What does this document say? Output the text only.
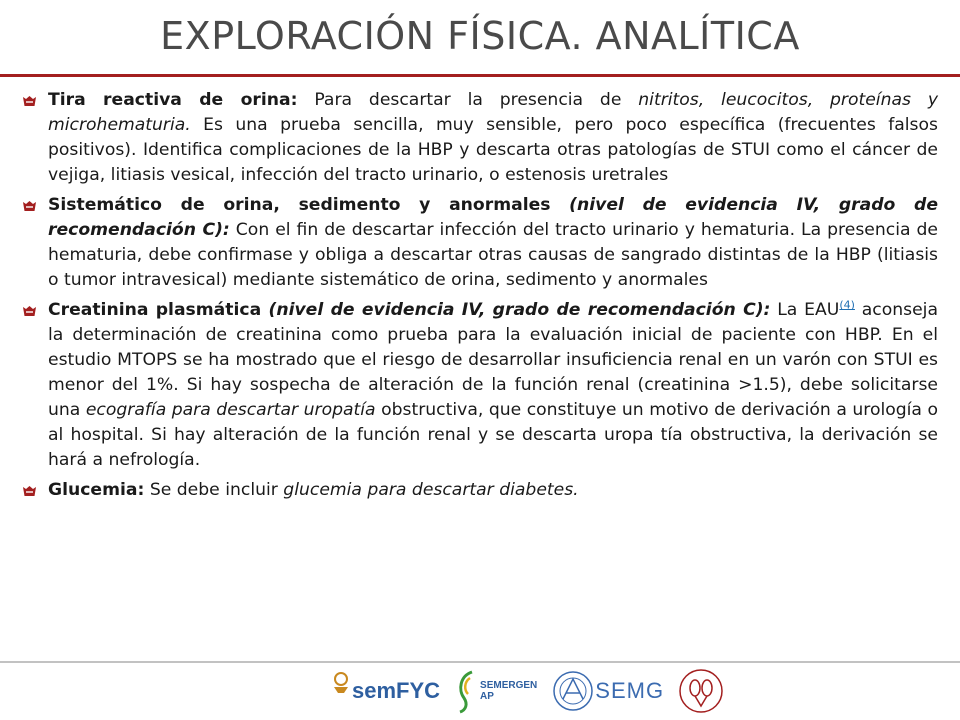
EXPLORACIÓN FÍSICA. ANALÍTICA
Tira reactiva de orina: Para descartar la presencia de nitritos, leucocitos, proteínas y microhematuria. Es una prueba sencilla, muy sensible, pero poco específica (frecuentes falsos positivos). Identifica complicaciones de la HBP y descarta otras patologías de STUI como el cáncer de vejiga, litiasis vesical, infección del tracto urinario, o estenosis uretrales
Sistemático de orina, sedimento y anormales (nivel de evidencia IV, grado de recomendación C): Con el fin de descartar infección del tracto urinario y hematuria. La presencia de hematuria, debe confirmase y obliga a descartar otras causas de sangrado distintas de la HBP (litiasis o tumor intravesical) mediante sistemático de orina, sedimento y anormales
Creatinina plasmática (nivel de evidencia IV, grado de recomendación C): La EAU$^{(4)}$ aconseja la determinación de creatinina como prueba para la evaluación inicial de paciente con HBP. En el estudio MTOPS se ha mostrado que el riesgo de desarrollar insuficiencia renal en un varón con STUI es menor del 1%. Si hay sospecha de alteración de la función renal (creatinina >1.5), debe solicitarse una ecografía para descartar uropatía obstructiva, que constituye un motivo de derivación a urología o al hospital. Si hay alteración de la función renal y se descarta uropa tía obstructiva, la derivación se hará a nefrología.
Glucemia: Se debe incluir glucemia para descartar diabetes.
semFYC	SEMERGEN
AP	SEMG
